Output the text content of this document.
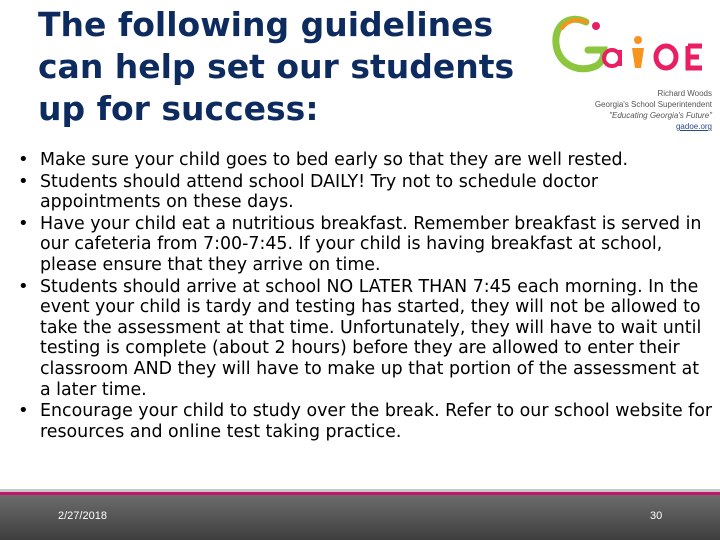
The following guidelines can help set our students up for success:	Richard Woods
Georgia's School Superintendent
"Educating Georgia's Future"
gadoe.org
• Make sure your child goes to bed early so that they are well rested.
• Students should attend school DAILY! Try not to schedule doctor appointments on these days.
• Have your child eat a nutritious breakfast. Remember breakfast is served in our cafeteria from 7:00-7:45. If your child is having breakfast at school, please ensure that they arrive on time.
• Students should arrive at school NO LATER THAN 7:45 each morning. In the event your child is tardy and testing has started, they will not be allowed to take the assessment at that time. Unfortunately, they will have to wait until testing is complete (about 2 hours) before they are allowed to enter their classroom AND they will have to make up that portion of the assessment at a later time.
• Encourage your child to study over the break. Refer to our school website for resources and online test taking practice.
2/27/2018	30
